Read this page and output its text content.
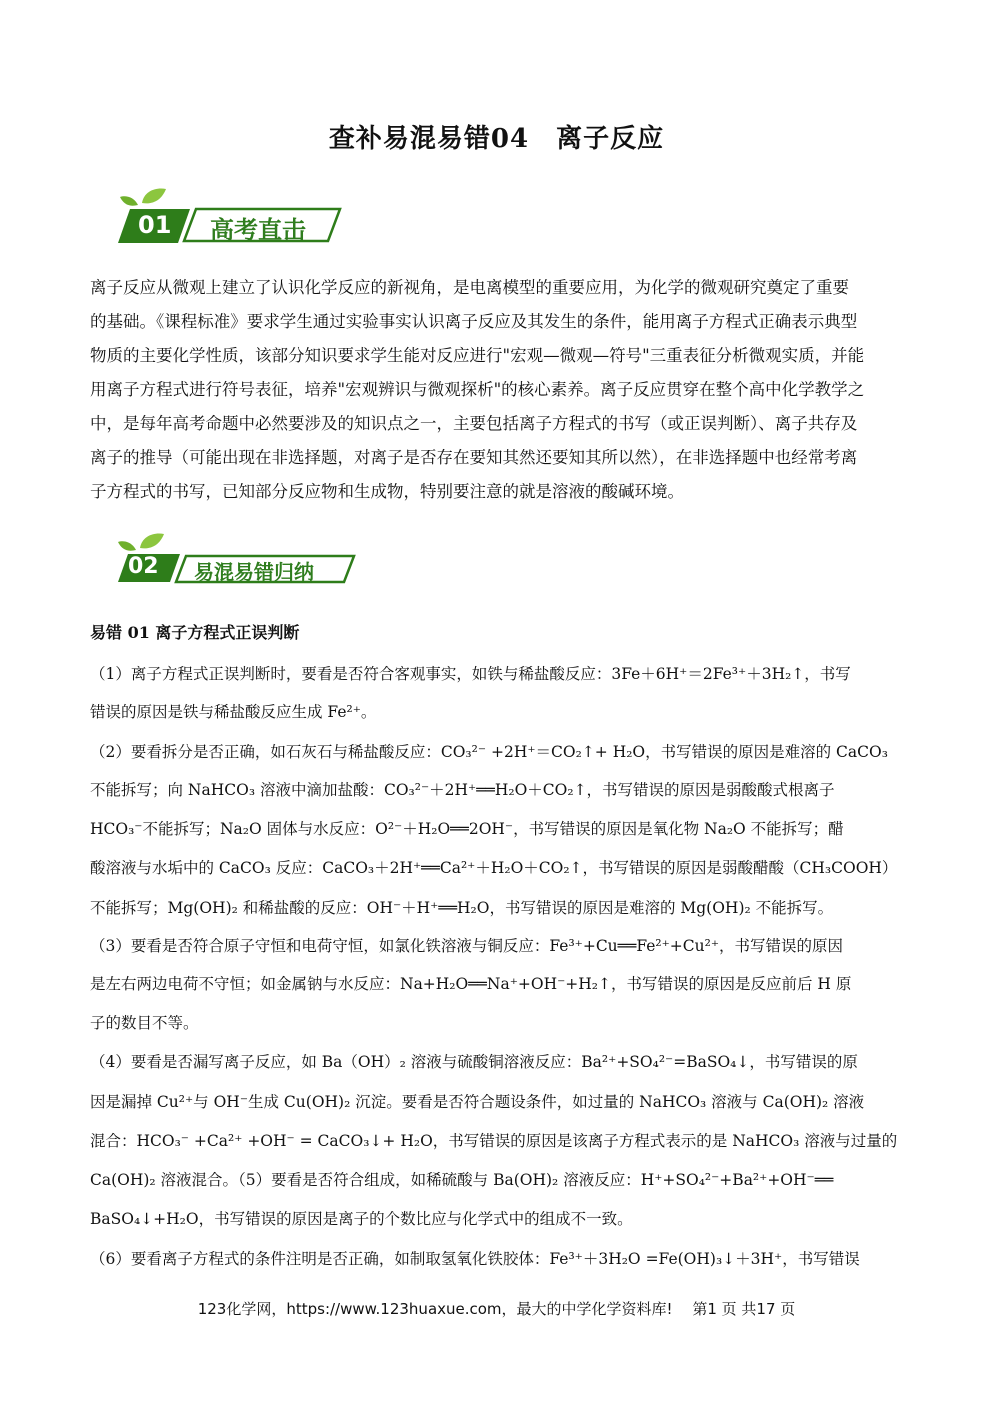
查补易混易错04　离子反应
01 高考直击
离子反应从微观上建立了认识化学反应的新视角，是电离模型的重要应用，为化学的微观研究奠定了重要
的基础。《课程标准》要求学生通过实验事实认识离子反应及其发生的条件，能用离子方程式正确表示典型
物质的主要化学性质，该部分知识要求学生能对反应进行"宏观—微观—符号"三重表征分析微观实质，并能
用离子方程式进行符号表征，培养"宏观辨识与微观探析"的核心素养。离子反应贯穿在整个高中化学教学之
中，是每年高考命题中必然要涉及的知识点之一，主要包括离子方程式的书写（或正误判断）、离子共存及
离子的推导（可能出现在非选择题，对离子是否存在要知其然还要知其所以然），在非选择题中也经常考离
子方程式的书写，已知部分反应物和生成物，特别要注意的就是溶液的酸碱环境。
02 易混易错归纳
易错 01 离子方程式正误判断
（1）离子方程式正误判断时，要看是否符合客观事实，如铁与稀盐酸反应：3Fe＋6H⁺＝2Fe³⁺＋3H₂↑，书写
错误的原因是铁与稀盐酸反应生成 Fe²⁺。
（2）要看拆分是否正确，如石灰石与稀盐酸反应：CO₃²⁻ +2H⁺＝CO₂↑+ H₂O，书写错误的原因是难溶的 CaCO₃
不能拆写；向 NaHCO₃ 溶液中滴加盐酸：CO₃²⁻＋2H⁺══H₂O＋CO₂↑，书写错误的原因是弱酸酸式根离子
HCO₃⁻不能拆写；Na₂O 固体与水反应：O²⁻＋H₂O══2OH⁻，书写错误的原因是氧化物 Na₂O 不能拆写；醋
酸溶液与水垢中的 CaCO₃ 反应：CaCO₃＋2H⁺══Ca²⁺＋H₂O＋CO₂↑，书写错误的原因是弱酸醋酸（CH₃COOH）
不能拆写；Mg(OH)₂ 和稀盐酸的反应：OH⁻＋H⁺══H₂O，书写错误的原因是难溶的 Mg(OH)₂ 不能拆写。
（3）要看是否符合原子守恒和电荷守恒，如氯化铁溶液与铜反应：Fe³⁺+Cu══Fe²⁺+Cu²⁺，书写错误的原因
是左右两边电荷不守恒；如金属钠与水反应：Na+H₂O══Na⁺+OH⁻+H₂↑，书写错误的原因是反应前后 H 原
子的数目不等。
（4）要看是否漏写离子反应，如 Ba（OH）₂ 溶液与硫酸铜溶液反应：Ba²⁺+SO₄²⁻=BaSO₄↓，书写错误的原
因是漏掉 Cu²⁺与 OH⁻生成 Cu(OH)₂ 沉淀。要看是否符合题设条件，如过量的 NaHCO₃ 溶液与 Ca(OH)₂ 溶液
混合：HCO₃⁻ +Ca²⁺ +OH⁻ = CaCO₃↓+ H₂O，书写错误的原因是该离子方程式表示的是 NaHCO₃ 溶液与过量的
Ca(OH)₂ 溶液混合。（5）要看是否符合组成，如稀硫酸与 Ba(OH)₂ 溶液反应：H⁺+SO₄²⁻+Ba²⁺+OH⁻══
BaSO₄↓+H₂O，书写错误的原因是离子的个数比应与化学式中的组成不一致。
（6）要看离子方程式的条件注明是否正确，如制取氢氧化铁胶体：Fe³⁺＋3H₂O =Fe(OH)₃↓＋3H⁺，书写错误
123化学网，https://www.123huaxue.com，最大的中学化学资料库!　 第1 页 共17 页
